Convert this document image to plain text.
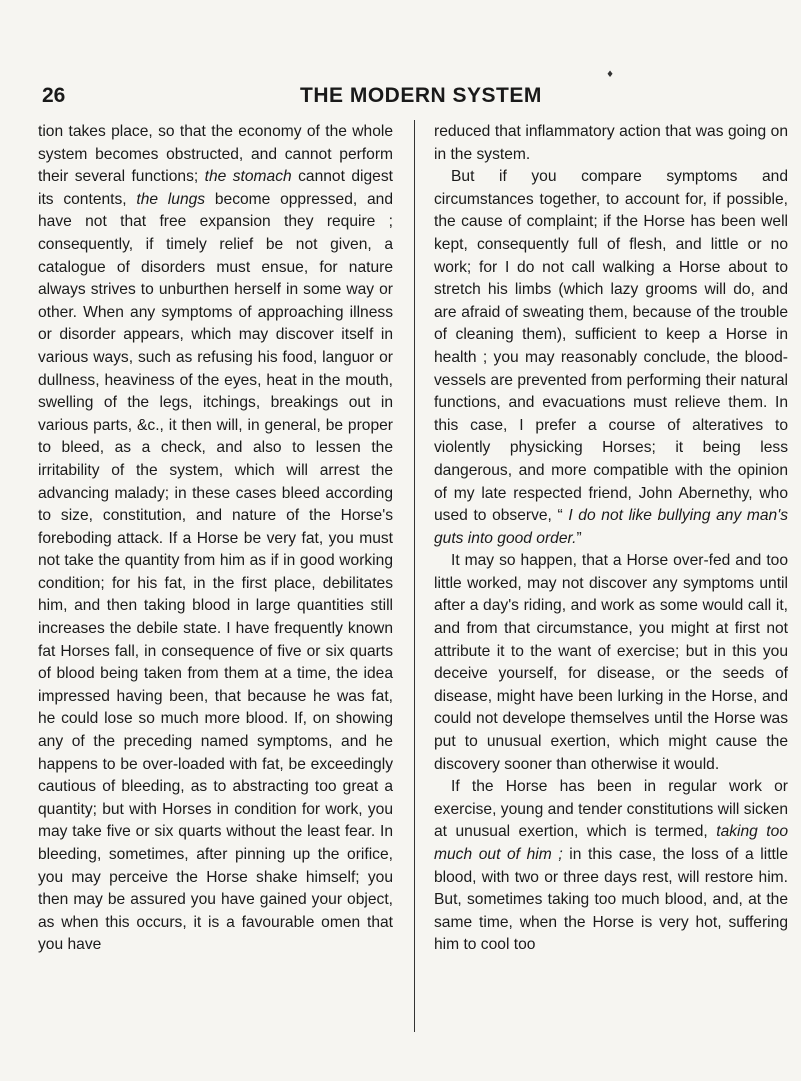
♦
26	THE MODERN SYSTEM

tion takes place, so that the economy of the whole system becomes obstructed, and cannot perform their several functions; the stomach cannot digest its contents, the lungs become oppressed, and have not that free expansion they require ; consequently, if timely relief be not given, a catalogue of disorders must ensue, for nature always strives to unburthen herself in some way or other. When any symptoms of approaching illness or disorder appears, which may discover itself in various ways, such as refusing his food, languor or dullness, heaviness of the eyes, heat in the mouth, swelling of the legs, itchings, breakings out in various parts, &c., it then will, in general, be proper to bleed, as a check, and also to lessen the irritability of the system, which will arrest the advancing malady; in these cases bleed according to size, constitution, and nature of the Horse's foreboding attack. If a Horse be very fat, you must not take the quantity from him as if in good working condition; for his fat, in the first place, debilitates him, and then taking blood in large quantities still increases the debile state. I have frequently known fat Horses fall, in consequence of five or six quarts of blood being taken from them at a time, the idea impressed having been, that because he was fat, he could lose so much more blood. If, on showing any of the preceding named symptoms, and he happens to be over-loaded with fat, be exceedingly cautious of bleeding, as to abstracting too great a quantity; but with Horses in condition for work, you may take five or six quarts without the least fear. In bleeding, sometimes, after pinning up the orifice, you may perceive the Horse shake himself; you then may be assured you have gained your object, as when this occurs, it is a favourable omen that you have

reduced that inflammatory action that was going on in the system.

But if you compare symptoms and circumstances together, to account for, if possible, the cause of complaint; if the Horse has been well kept, consequently full of flesh, and little or no work; for I do not call walking a Horse about to stretch his limbs (which lazy grooms will do, and are afraid of sweating them, because of the trouble of cleaning them), sufficient to keep a Horse in health ; you may reasonably conclude, the blood-vessels are prevented from performing their natural functions, and evacuations must relieve them. In this case, I prefer a course of alteratives to violently physicking Horses; it being less dangerous, and more compatible with the opinion of my late respected friend, John Abernethy, who used to observe, “ I do not like bullying any man's guts into good order.”

It may so happen, that a Horse over-fed and too little worked, may not discover any symptoms until after a day's riding, and work as some would call it, and from that circumstance, you might at first not attribute it to the want of exercise; but in this you deceive yourself, for disease, or the seeds of disease, might have been lurking in the Horse, and could not develope themselves until the Horse was put to unusual exertion, which might cause the discovery sooner than otherwise it would.

If the Horse has been in regular work or exercise, young and tender constitutions will sicken at unusual exertion, which is termed, taking too much out of him ; in this case, the loss of a little blood, with two or three days rest, will restore him. But, sometimes taking too much blood, and, at the same time, when the Horse is very hot, suffering him to cool too
